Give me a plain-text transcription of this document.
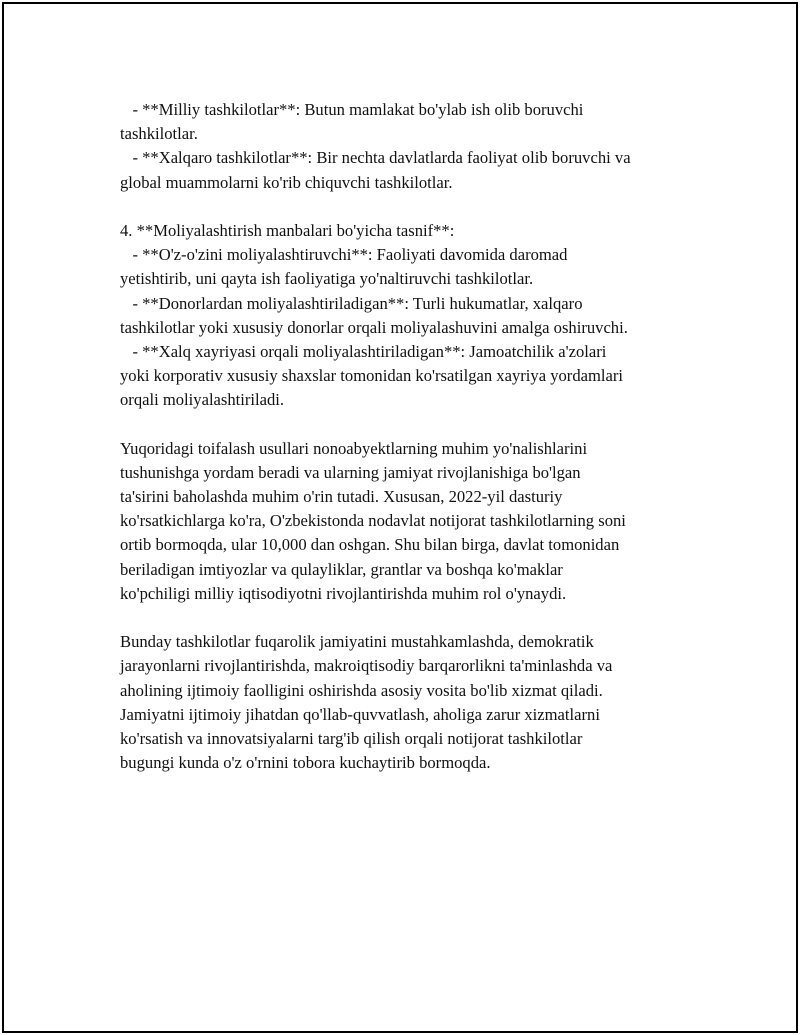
- **Milliy tashkilotlar**: Butun mamlakat bo'ylab ish olib boruvchi
tashkilotlar.
- **Xalqaro tashkilotlar**: Bir nechta davlatlarda faoliyat olib boruvchi va
global muammolarni ko'rib chiquvchi tashkilotlar.
4. **Moliyalashtirish manbalari bo'yicha tasnif**:
- **O'z-o'zini moliyalashtiruvchi**: Faoliyati davomida daromad
yetishtirib, uni qayta ish faoliyatiga yo'naltiruvchi tashkilotlar.
- **Donorlardan moliyalashtiriladigan**: Turli hukumatlar, xalqaro
tashkilotlar yoki xususiy donorlar orqali moliyalashuvini amalga oshiruvchi.
- **Xalq xayriyasi orqali moliyalashtiriladigan**: Jamoatchilik a'zolari
yoki korporativ xususiy shaxslar tomonidan ko'rsatilgan xayriya yordamlari
orqali moliyalashtiriladi.
Yuqoridagi toifalash usullari nonoabyektlarning muhim yo'nalishlarini
tushunishga yordam beradi va ularning jamiyat rivojlanishiga bo'lgan
ta'sirini baholashda muhim o'rin tutadi. Xususan, 2022-yil dasturiy
ko'rsatkichlarga ko'ra, O'zbekistonda nodavlat notijorat tashkilotlarning soni
ortib bormoqda, ular 10,000 dan oshgan. Shu bilan birga, davlat tomonidan
beriladigan imtiyozlar va qulayliklar, grantlar va boshqa ko'maklar
ko'pchiligi milliy iqtisodiyotni rivojlantirishda muhim rol o'ynaydi.
Bunday tashkilotlar fuqarolik jamiyatini mustahkamlashda, demokratik
jarayonlarni rivojlantirishda, makroiqtisodiy barqarorlikni ta'minlashda va
aholining ijtimoiy faolligini oshirishda asosiy vosita bo'lib xizmat qiladi.
Jamiyatni ijtimoiy jihatdan qo'llab-quvvatlash, aholiga zarur xizmatlarni
ko'rsatish va innovatsiyalarni targ'ib qilish orqali notijorat tashkilotlar
bugungi kunda o'z o'rnini tobora kuchaytirib bormoqda.
